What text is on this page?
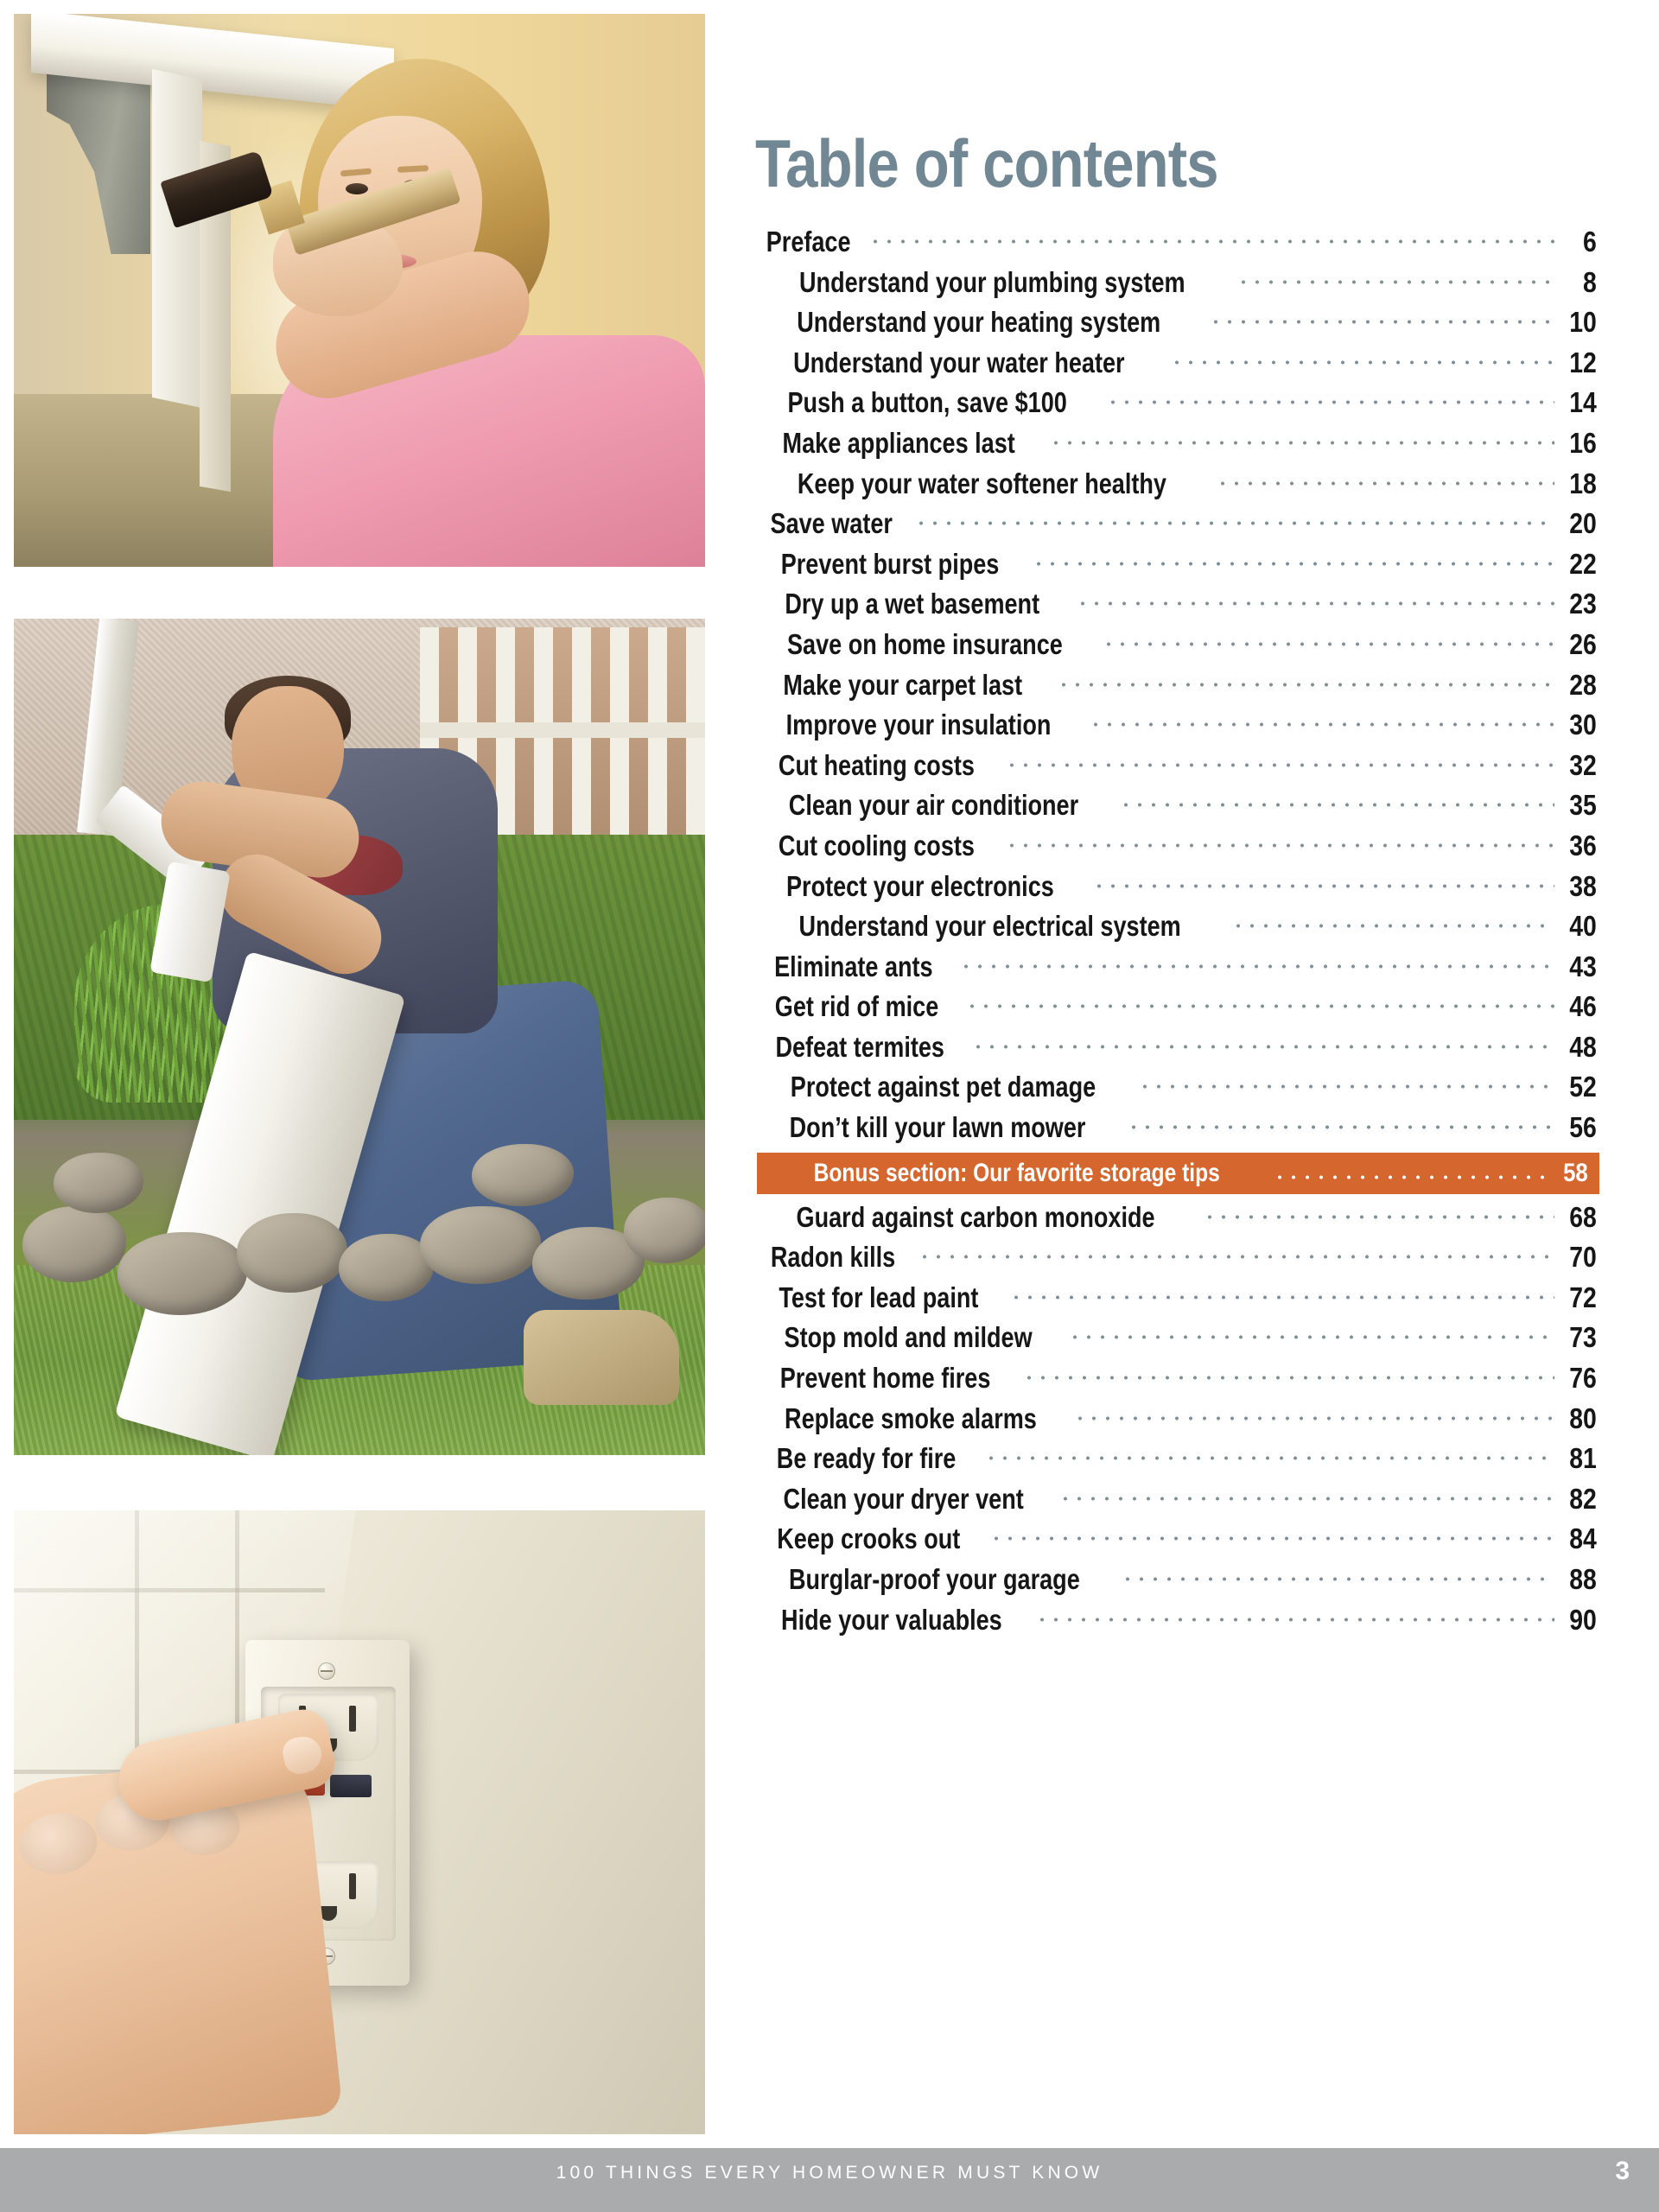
Table of contents
Preface	6
Understand your plumbing system	8
Understand your heating system	10
Understand your water heater	12
Push a button, save $100	14
Make appliances last	16
Keep your water softener healthy	18
Save water	20
Prevent burst pipes	22
Dry up a wet basement	23
Save on home insurance	26
Make your carpet last	28
Improve your insulation	30
Cut heating costs	32
Clean your air conditioner	35
Cut cooling costs	36
Protect your electronics	38
Understand your electrical system	40
Eliminate ants	43
Get rid of mice	46
Defeat termites	48
Protect against pet damage	52
Don’t kill your lawn mower	56
Bonus section: Our favorite storage tips	58
Guard against carbon monoxide	68
Radon kills	70
Test for lead paint	72
Stop mold and mildew	73
Prevent home fires	76
Replace smoke alarms	80
Be ready for fire	81
Clean your dryer vent	82
Keep crooks out	84
Burglar-proof your garage	88
Hide your valuables	90
100 THINGS EVERY HOMEOWNER MUST KNOW	3
